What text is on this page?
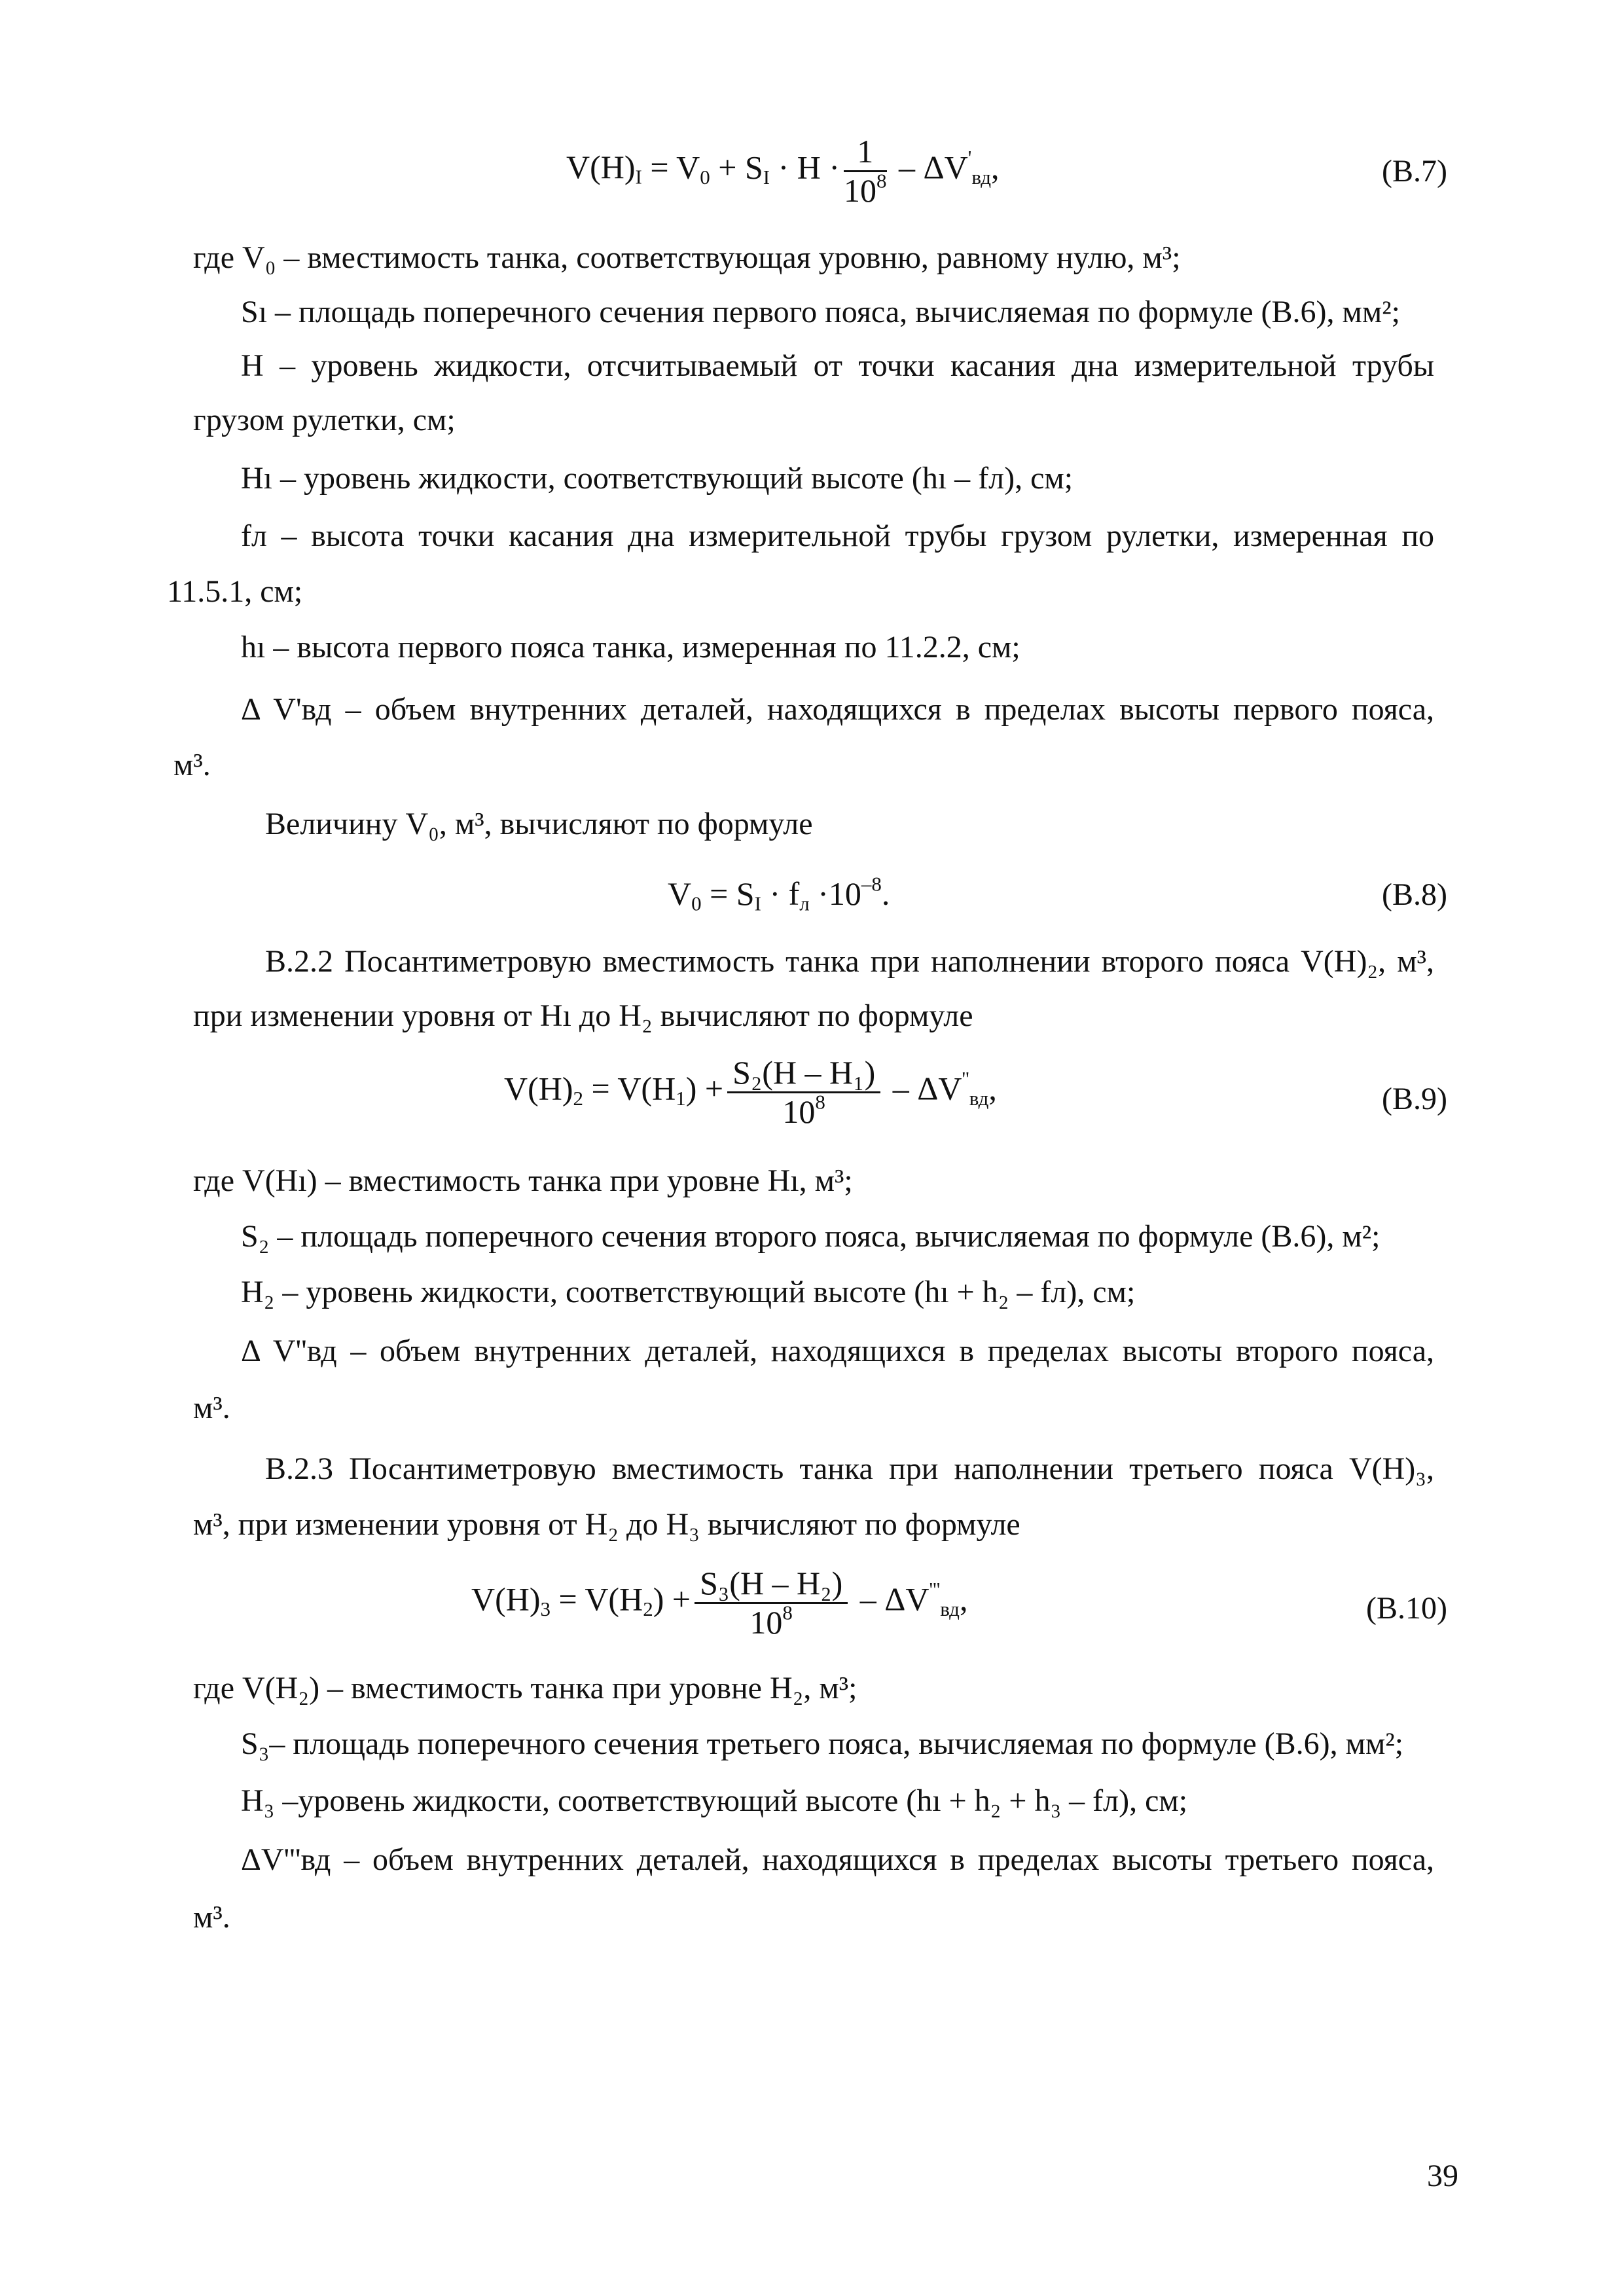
$V(H)_I = V_0 + S_I \cdot H \cdot \frac{1}{10^8} - \Delta V'_{вд}$,	(В.7)
где V₀ – вместимость танка, соответствующая уровню, равному нулю, м³;
Sı – площадь поперечного сечения первого пояса, вычисляемая по формуле (В.6), мм²;
H – уровень жидкости, отсчитываемый от точки касания дна измерительной трубы
грузом рулетки, см;
Hı – уровень жидкости, соответствующий высоте (hı – fл), см;
fл – высота точки касания дна измерительной трубы грузом рулетки, измеренная по
11.5.1, см;
hı – высота первого пояса танка, измеренная по 11.2.2, см;
Δ V'вд – объем внутренних деталей, находящихся в пределах высоты первого пояса,
м³.
Величину V₀, м³, вычисляют по формуле
$V_0 = S_I \cdot f_л \cdot 10^{-8}$.	(В.8)
В.2.2 Посантиметровую вместимость танка при наполнении второго пояса V(H)₂, м³,
при изменении уровня от Hı до H₂ вычисляют по формуле
$V(H)_2 = V(H_1) + \frac{\text{S₂(H – H₁)}}{10^8} - \Delta V''_{вд}$,	(В.9)
где V(Hı) – вместимость танка при уровне Hı, м³;
S₂ – площадь поперечного сечения второго пояса, вычисляемая по формуле (В.6), м²;
H₂ – уровень жидкости, соответствующий высоте (hı + h₂ – fл), см;
Δ V''вд – объем внутренних деталей, находящихся в пределах высоты второго пояса,
м³.
В.2.3 Посантиметровую вместимость танка при наполнении третьего пояса V(H)₃,
м³, при изменении уровня от H₂ до H₃ вычисляют по формуле
$V(H)_3 = V(H_2) + \frac{\text{S₃(H – H₂)}}{10^8} - \Delta V'''_{вд}$,	(В.10)
где V(H₂) – вместимость танка при уровне H₂, м³;
S₃– площадь поперечного сечения третьего пояса, вычисляемая по формуле (В.6), мм²;
H₃ –уровень жидкости, соответствующий высоте (hı + h₂ + h₃ – fл), см;
ΔV'''вд – объем внутренних деталей, находящихся в пределах высоты третьего пояса,
м³.
39
